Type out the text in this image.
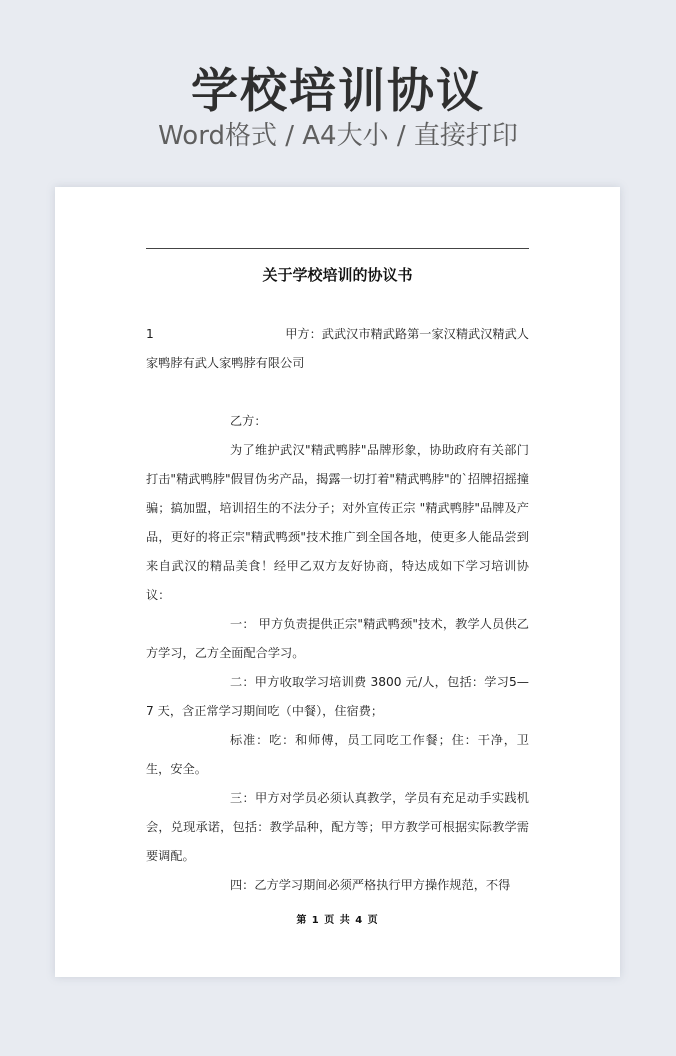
学校培训协议
Word格式 / A4大小 / 直接打印
关于学校培训的协议书
1	甲方：武武汉市精武路第一家汉精武汉精武人

家鸭脖有武人家鸭脖有限公司

乙方：

为了维护武汉"精武鸭脖"品牌形象，协助政府有关部门打击"精武鸭脖"假冒伪劣产品，揭露一切打着"精武鸭脖"的`招牌招摇撞骗；搞加盟，培训招生的不法分子；对外宣传正宗 "精武鸭脖"品牌及产品，更好的将正宗"精武鸭颈"技术推广到全国各地，使更多人能品尝到来自武汉的精品美食！经甲乙双方友好协商，特达成如下学习培训协议：

一： 甲方负责提供正宗"精武鸭颈"技术，教学人员供乙方学习，乙方全面配合学习。

二：甲方收取学习培训费 3800 元/人，包括：学习5—7 天，含正常学习期间吃（中餐），住宿费；

标准：吃：和师傅，员工同吃工作餐；住：干净，卫生，安全。

三：甲方对学员必须认真教学，学员有充足动手实践机会，兑现承诺，包括：教学品种，配方等；甲方教学可根据实际教学需要调配。

四：乙方学习期间必须严格执行甲方操作规范，不得

第 1 页 共 4 页
